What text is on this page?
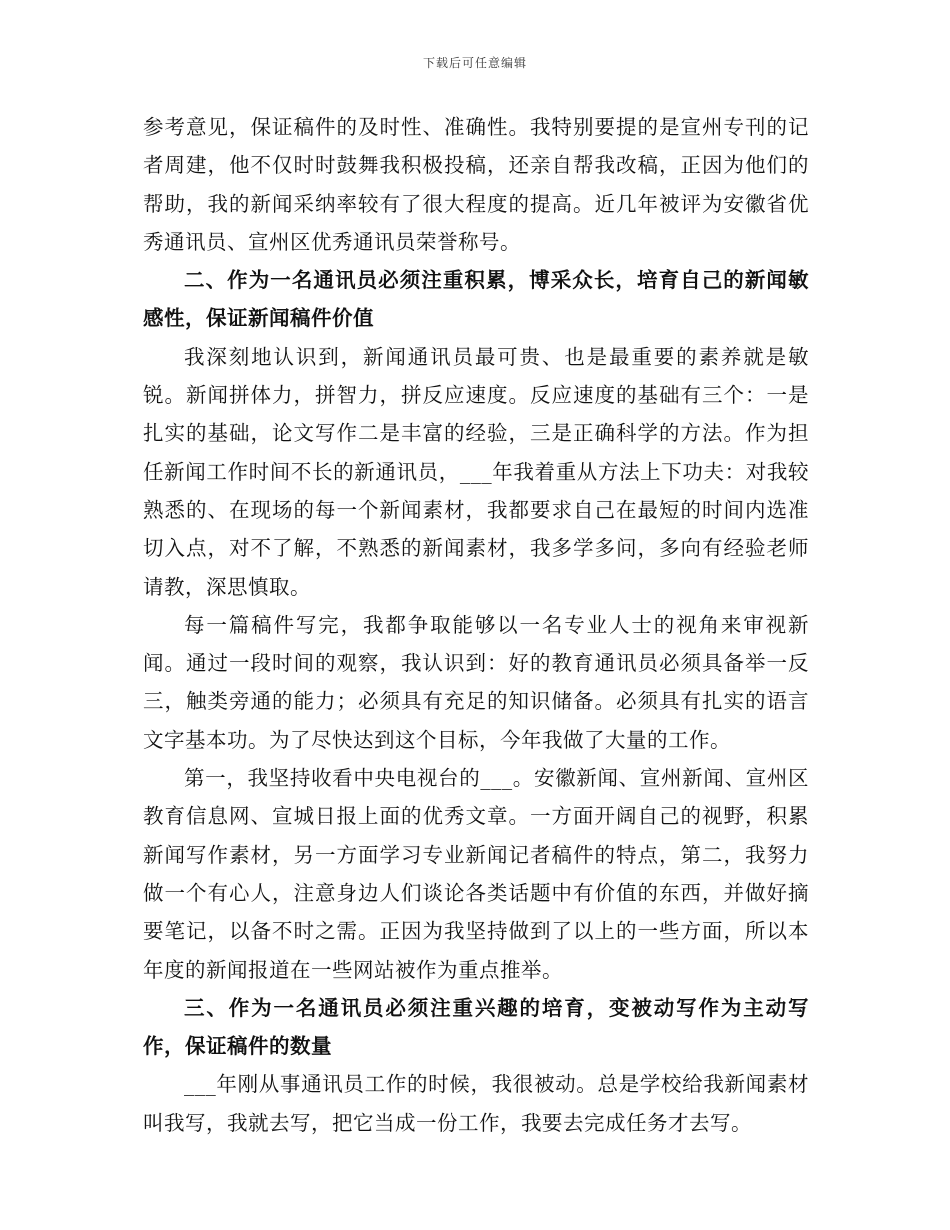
下载后可任意编辑

参考意见，保证稿件的及时性、准确性。我特别要提的是宣州专刊的记者周建，他不仅时时鼓舞我积极投稿，还亲自帮我改稿，正因为他们的帮助，我的新闻采纳率较有了很大程度的提高。近几年被评为安徽省优秀通讯员、宣州区优秀通讯员荣誉称号。

二、作为一名通讯员必须注重积累，博采众长，培育自己的新闻敏感性，保证新闻稿件价值

我深刻地认识到，新闻通讯员最可贵、也是最重要的素养就是敏锐。新闻拼体力，拼智力，拼反应速度。反应速度的基础有三个：一是扎实的基础，论文写作二是丰富的经验，三是正确科学的方法。作为担任新闻工作时间不长的新通讯员，___年我着重从方法上下功夫：对我较熟悉的、在现场的每一个新闻素材，我都要求自己在最短的时间内选准切入点，对不了解，不熟悉的新闻素材，我多学多问，多向有经验老师请教，深思慎取。

每一篇稿件写完，我都争取能够以一名专业人士的视角来审视新闻。通过一段时间的观察，我认识到：好的教育通讯员必须具备举一反三，触类旁通的能力；必须具有充足的知识储备。必须具有扎实的语言文字基本功。为了尽快达到这个目标，今年我做了大量的工作。

第一，我坚持收看中央电视台的___。安徽新闻、宣州新闻、宣州区教育信息网、宣城日报上面的优秀文章。一方面开阔自己的视野，积累新闻写作素材，另一方面学习专业新闻记者稿件的特点，第二，我努力做一个有心人，注意身边人们谈论各类话题中有价值的东西，并做好摘要笔记，以备不时之需。正因为我坚持做到了以上的一些方面，所以本年度的新闻报道在一些网站被作为重点推举。

三、作为一名通讯员必须注重兴趣的培育，变被动写作为主动写作，保证稿件的数量

___年刚从事通讯员工作的时候，我很被动。总是学校给我新闻素材叫我写，我就去写，把它当成一份工作，我要去完成任务才去写。
